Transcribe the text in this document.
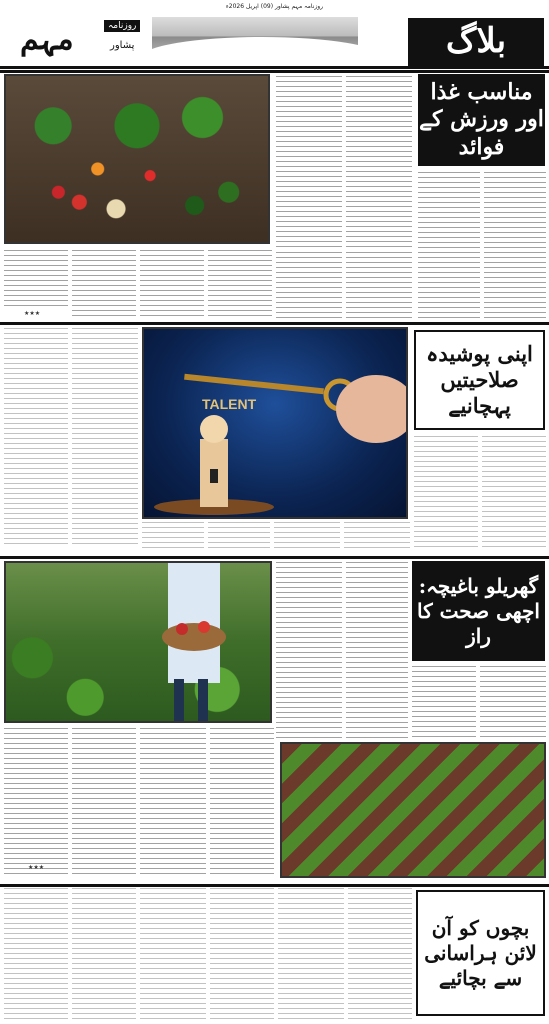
روزنامہ مہم پشاور (09) اپریل 2026ء
روزنامہ
مہم	پشاور	بلاگ
مناسب غذا اور ورزش کے فوائد
★★★
TALENT
اپنی پوشیدہ صلاحیتیں پہچانیے
گھریلو باغیچہ: اچھی صحت کا راز
★★★
بچوں کو آن لائن ہراسانی سے بچائیے
